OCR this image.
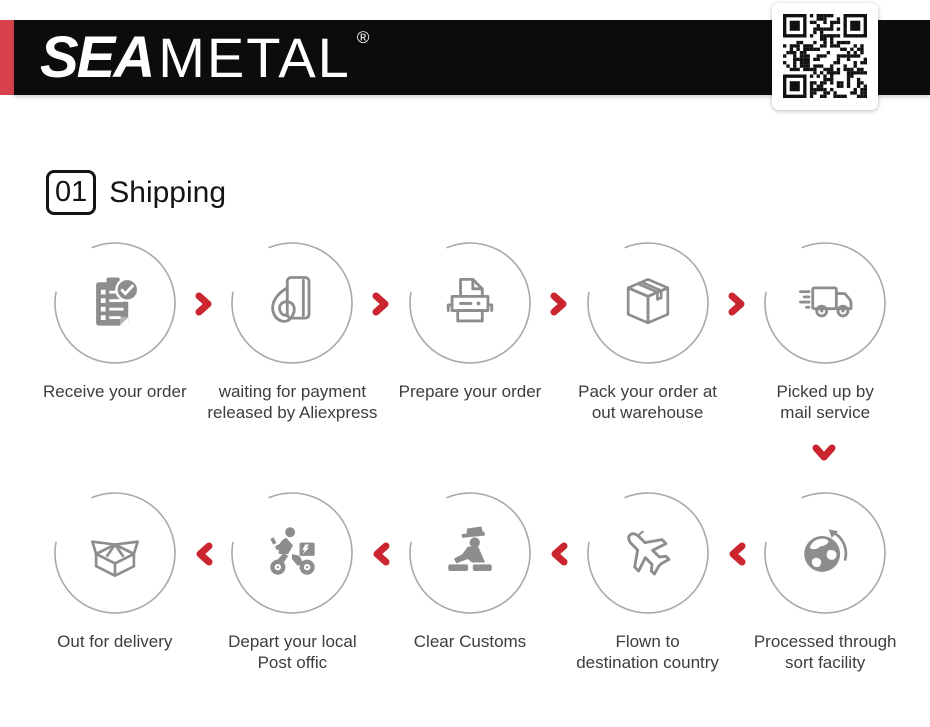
SEA METAL ®
01 Shipping
Receive your order	waiting for payment
released by Aliexpress
Prepare your order Pack your order at
out warehouse
Picked up by
mail service
Out for delivery	Depart your local
Post offic
Clear Customs	Flown to
destination country
Processed through
sort facility
